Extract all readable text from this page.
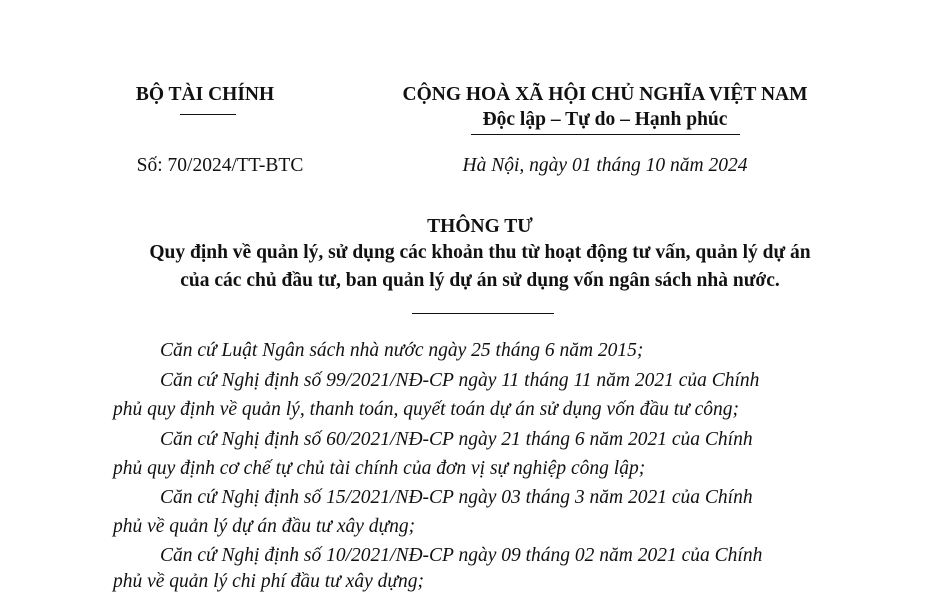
BỘ TÀI CHÍNH	CỘNG HOÀ XÃ HỘI CHỦ NGHĨA VIỆT NAM
Độc lập – Tự do – Hạnh phúc
Số: 70/2024/TT-BTC	Hà Nội, ngày 01 tháng 10 năm 2024
THÔNG TƯ
Quy định về quản lý, sử dụng các khoản thu từ hoạt động tư vấn, quản lý dự án
của các chủ đầu tư, ban quản lý dự án sử dụng vốn ngân sách nhà nước.
Căn cứ Luật Ngân sách nhà nước ngày 25 tháng 6 năm 2015;
Căn cứ Nghị định số 99/2021/NĐ-CP ngày 11 tháng 11 năm 2021 của Chính
phủ quy định về quản lý, thanh toán, quyết toán dự án sử dụng vốn đầu tư công;
Căn cứ Nghị định số 60/2021/NĐ-CP ngày 21 tháng 6 năm 2021 của Chính
phủ quy định cơ chế tự chủ tài chính của đơn vị sự nghiệp công lập;
Căn cứ Nghị định số 15/2021/NĐ-CP ngày 03 tháng 3 năm 2021 của Chính
phủ về quản lý dự án đầu tư xây dựng;
Căn cứ Nghị định số 10/2021/NĐ-CP ngày 09 tháng 02 năm 2021 của Chính
phủ về quản lý chi phí đầu tư xây dựng;
